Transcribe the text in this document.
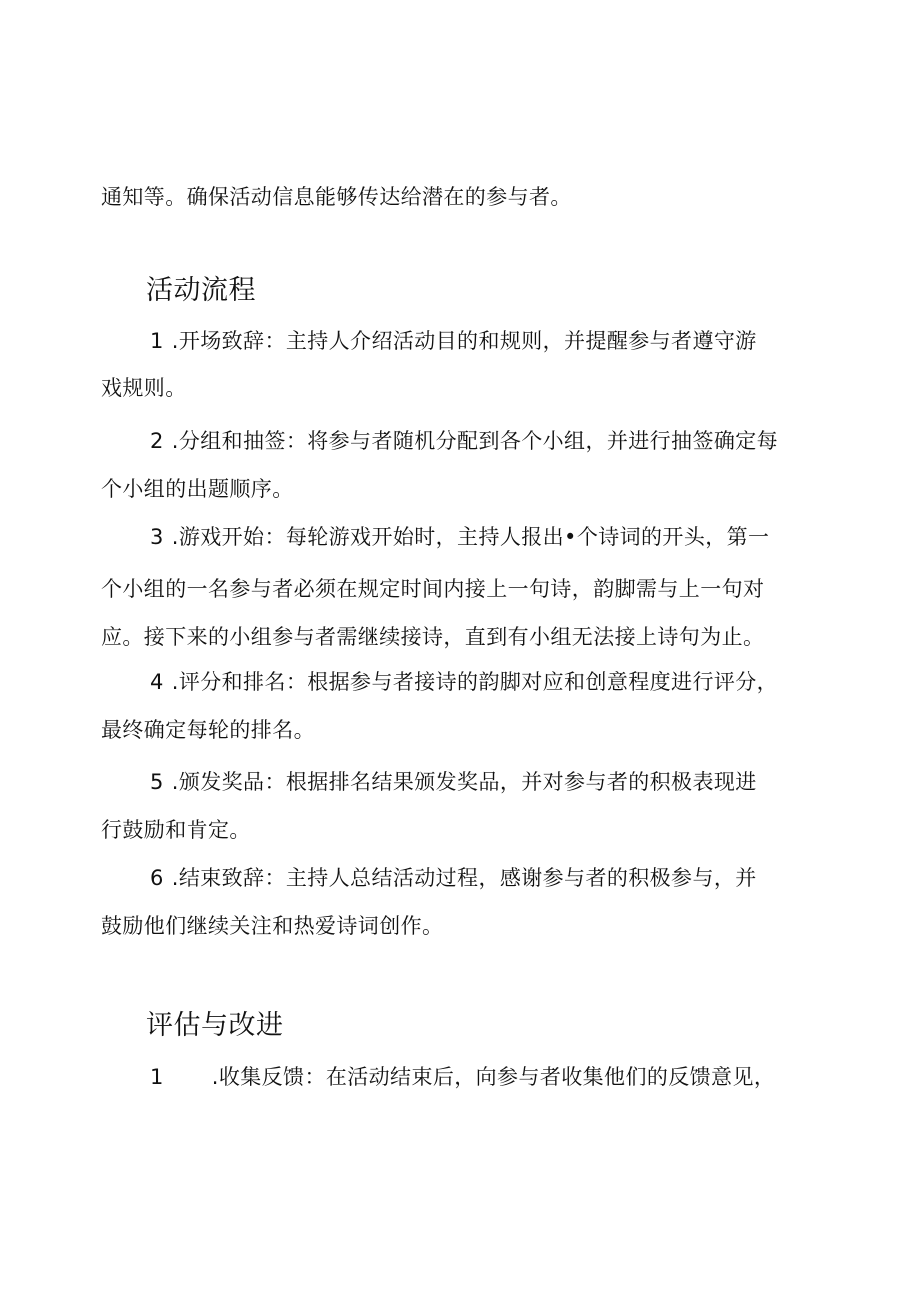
通知等。确保活动信息能够传达给潜在的参与者。
活动流程
1 .开场致辞：主持人介绍活动目的和规则，并提醒参与者遵守游
戏规则。
2 .分组和抽签：将参与者随机分配到各个小组，并进行抽签确定每
个小组的出题顺序。
3 .游戏开始：每轮游戏开始时，主持人报出•个诗词的开头，第一
个小组的一名参与者必须在规定时间内接上一句诗，韵脚需与上一句对
应。接下来的小组参与者需继续接诗，直到有小组无法接上诗句为止。
4 .评分和排名：根据参与者接诗的韵脚对应和创意程度进行评分，
最终确定每轮的排名。
5 .颁发奖品：根据排名结果颁发奖品，并对参与者的积极表现进
行鼓励和肯定。
6 .结束致辞：主持人总结活动过程，感谢参与者的积极参与，并
鼓励他们继续关注和热爱诗词创作。
评估与改进
1 .收集反馈：在活动结束后，向参与者收集他们的反馈意见，
